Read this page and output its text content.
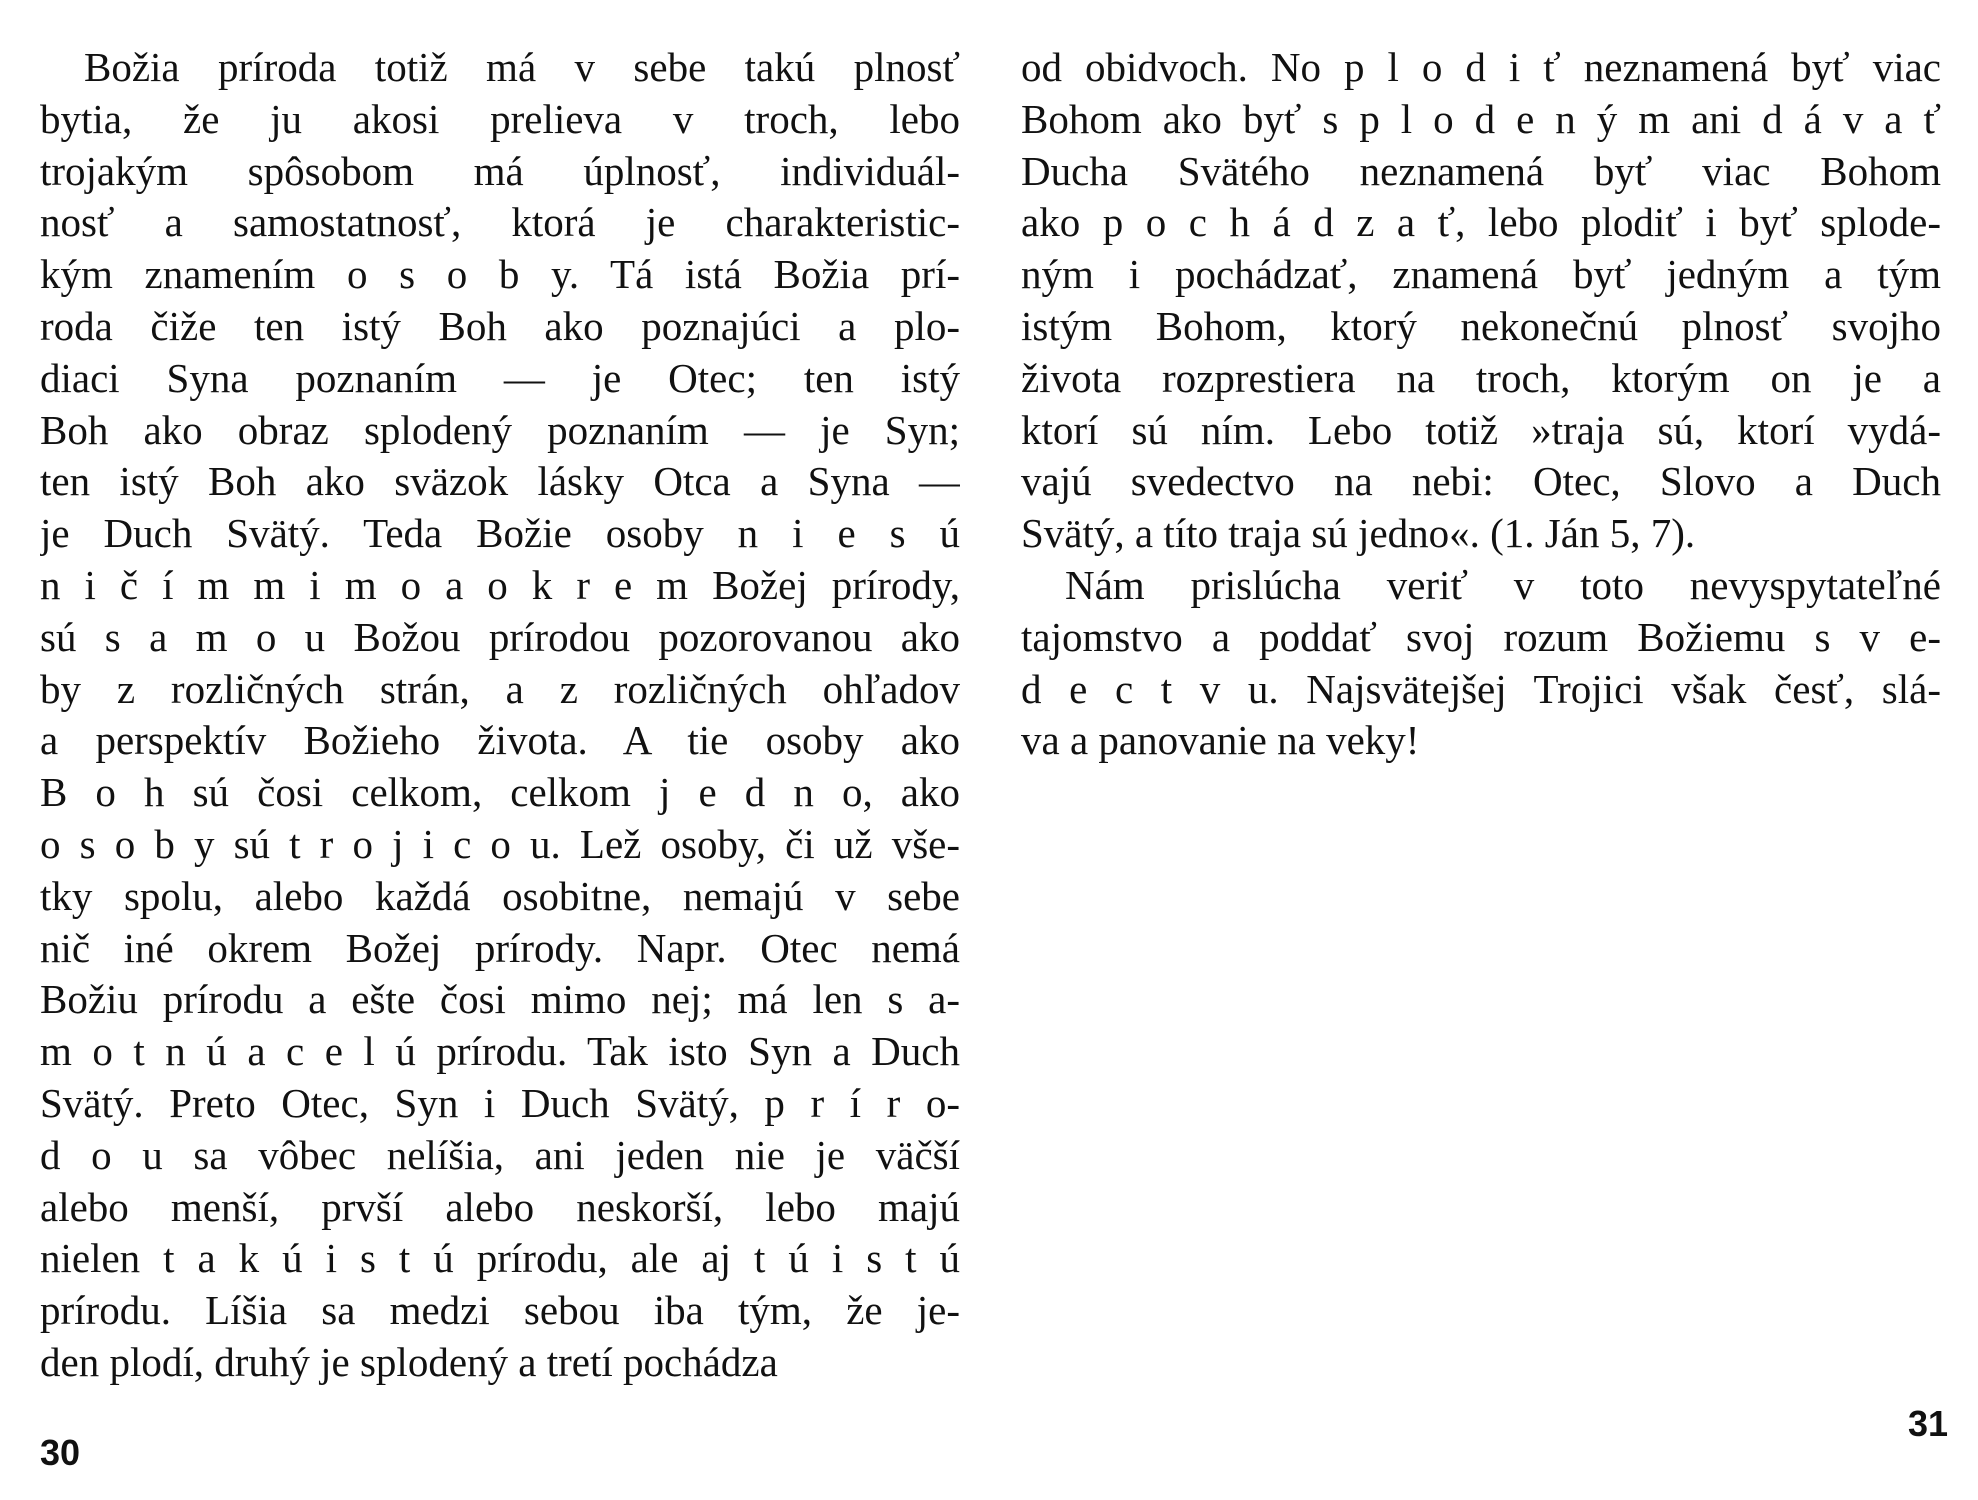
Božia príroda totiž má v sebe takú plnosť
bytia, že ju akosi prelieva v troch, lebo
trojakým spôsobom má úplnosť, individuál-
nosť a samostatnosť, ktorá je charakteristic-
kým znamením o s o b y. Tá istá Božia prí-
roda čiže ten istý Boh ako poznajúci a plo-
diaci Syna poznaním — je Otec; ten istý
Boh ako obraz splodený poznaním — je Syn;
ten istý Boh ako sväzok lásky Otca a Syna —
je Duch Svätý. Teda Božie osoby n i e s ú
n i č í m m i m o a o k r e m Božej prírody,
sú s a m o u Božou prírodou pozorovanou ako
by z rozličných strán, a z rozličných ohľadov
a perspektív Božieho života. A tie osoby ako
B o h sú čosi celkom, celkom j e d n o, ako
o s o b y sú t r o j i c o u. Lež osoby, či už vše-
tky spolu, alebo každá osobitne, nemajú v sebe
nič iné okrem Božej prírody. Napr. Otec nemá
Božiu prírodu a ešte čosi mimo nej; má len s a-
m o t n ú a c e l ú prírodu. Tak isto Syn a Duch
Svätý. Preto Otec, Syn i Duch Svätý, p r í r o-
d o u sa vôbec nelíšia, ani jeden nie je väčší
alebo menší, prvší alebo neskorší, lebo majú
nielen t a k ú i s t ú prírodu, ale aj t ú i s t ú
prírodu. Líšia sa medzi sebou iba tým, že je-
den plodí, druhý je splodený a tretí pochádza
30
od obidvoch. No p l o d i ť neznamená byť viac
Bohom ako byť s p l o d e n ý m ani d á v a ť
Ducha Svätého neznamená byť viac Bohom
ako p o c h á d z a ť, lebo plodiť i byť splode-
ným i pochádzať, znamená byť jedným a tým
istým Bohom, ktorý nekonečnú plnosť svojho
života rozprestiera na troch, ktorým on je a
ktorí sú ním. Lebo totiž »traja sú, ktorí vydá-
vajú svedectvo na nebi: Otec, Slovo a Duch
Svätý, a títo traja sú jedno«. (1. Ján 5, 7).
Nám prislúcha veriť v toto nevyspytateľné
tajomstvo a poddať svoj rozum Božiemu s v e-
d e c t v u. Najsvätejšej Trojici však česť, slá-
va a panovanie na veky!
31
